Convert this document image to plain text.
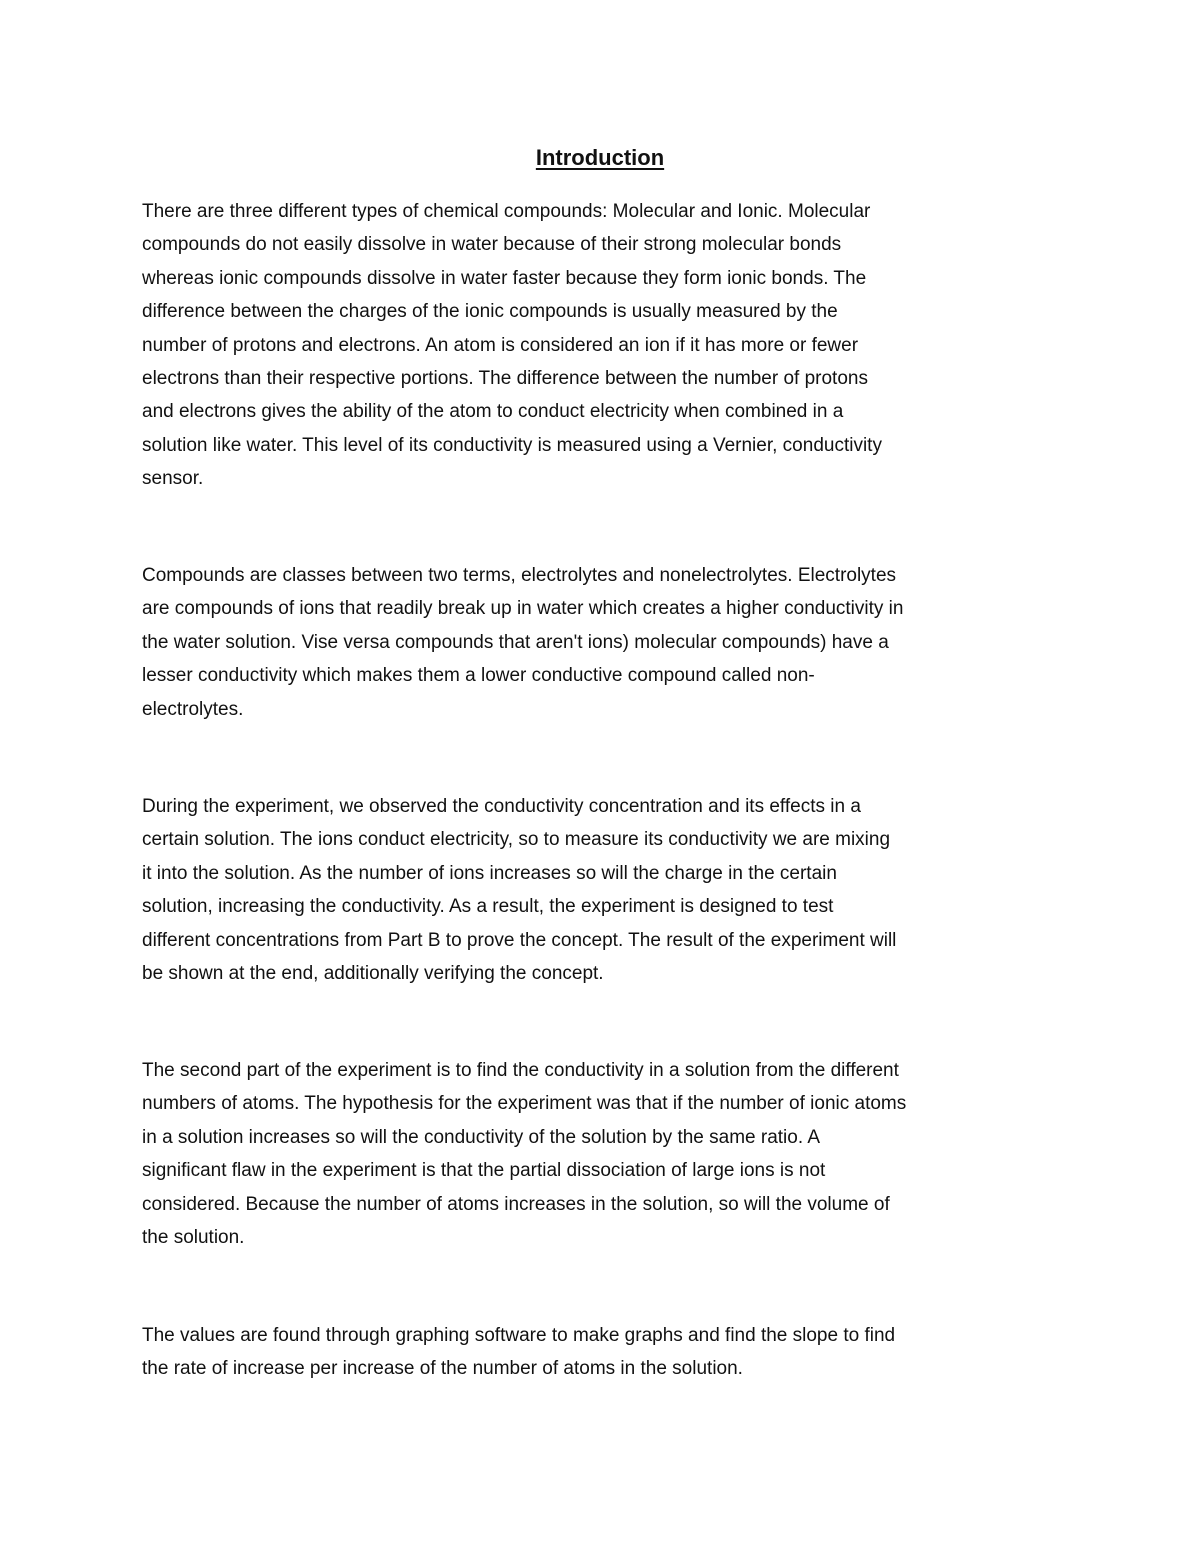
Introduction

There are three different types of chemical compounds: Molecular and Ionic. Molecular
compounds do not easily dissolve in water because of their strong molecular bonds
whereas ionic compounds dissolve in water faster because they form ionic bonds. The
difference between the charges of the ionic compounds is usually measured by the
number of protons and electrons. An atom is considered an ion if it has more or fewer
electrons than their respective portions. The difference between the number of protons
and electrons gives the ability of the atom to conduct electricity when combined in a
solution like water. This level of its conductivity is measured using a Vernier, conductivity
sensor.

Compounds are classes between two terms, electrolytes and nonelectrolytes. Electrolytes
are compounds of ions that readily break up in water which creates a higher conductivity in
the water solution. Vise versa compounds that aren't ions) molecular compounds) have a
lesser conductivity which makes them a lower conductive compound called non-
electrolytes.

During the experiment, we observed the conductivity concentration and its effects in a
certain solution. The ions conduct electricity, so to measure its conductivity we are mixing
it into the solution. As the number of ions increases so will the charge in the certain
solution, increasing the conductivity. As a result, the experiment is designed to test
different concentrations from Part B to prove the concept. The result of the experiment will
be shown at the end, additionally verifying the concept.

The second part of the experiment is to find the conductivity in a solution from the different
numbers of atoms. The hypothesis for the experiment was that if the number of ionic atoms
in a solution increases so will the conductivity of the solution by the same ratio. A
significant flaw in the experiment is that the partial dissociation of large ions is not
considered. Because the number of atoms increases in the solution, so will the volume of
the solution.

The values are found through graphing software to make graphs and find the slope to find
the rate of increase per increase of the number of atoms in the solution.
